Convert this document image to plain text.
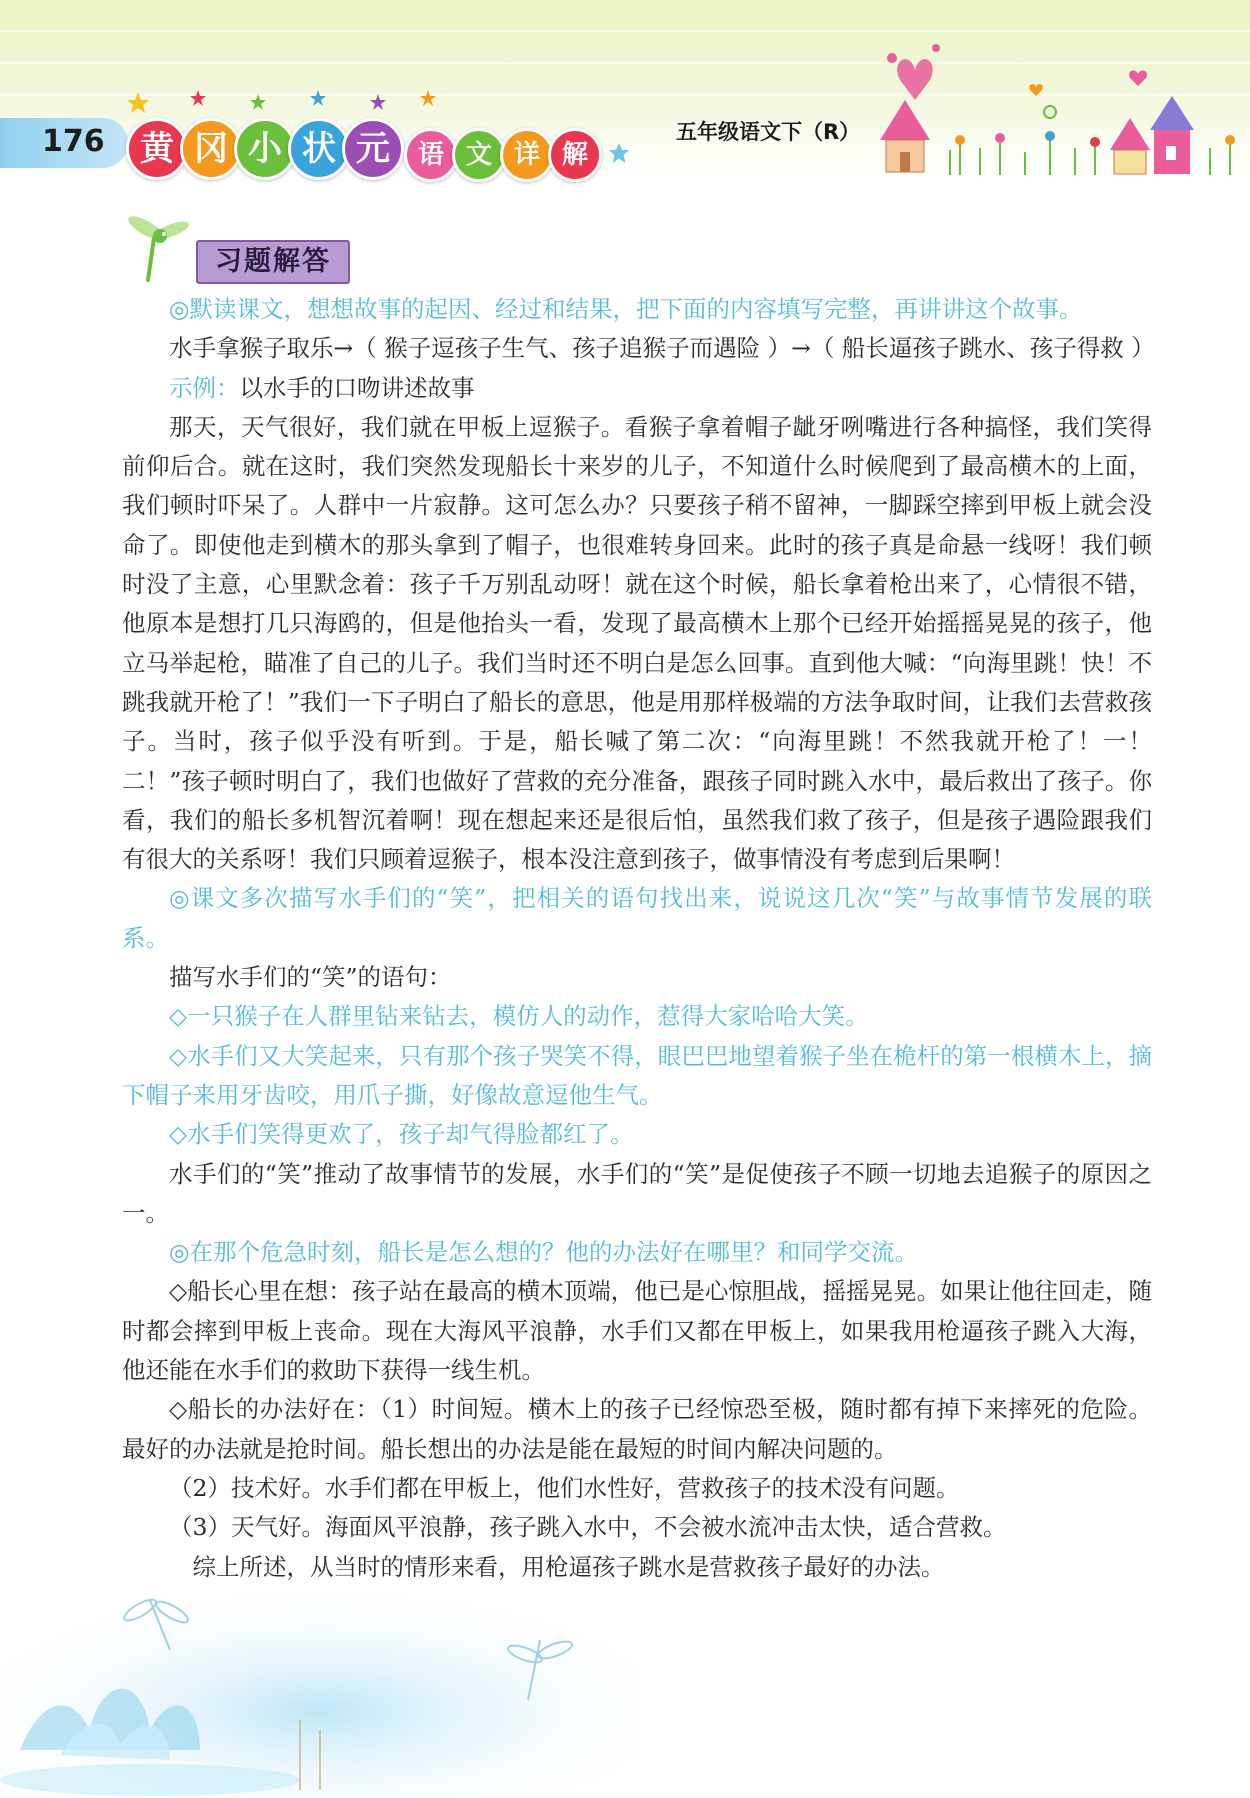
176	黄 冈 小 状 元	语 文 详 解
五年级语文下（R）
习题解答

◎默读课文，想想故事的起因、经过和结果，把下面的内容填写完整，再讲讲这个故事。

水手拿猴子取乐→（ 猴子逗孩子生气、孩子追猴子而遇险 ）→（ 船长逼孩子跳水、孩子得救 ）

示例：以水手的口吻讲述故事

那天，天气很好，我们就在甲板上逗猴子。看猴子拿着帽子龇牙咧嘴进行各种搞怪，我们笑得前仰后合。就在这时，我们突然发现船长十来岁的儿子，不知道什么时候爬到了最高横木的上面，我们顿时吓呆了。人群中一片寂静。这可怎么办？只要孩子稍不留神，一脚踩空摔到甲板上就会没命了。即使他走到横木的那头拿到了帽子，也很难转身回来。此时的孩子真是命悬一线呀！我们顿时没了主意，心里默念着：孩子千万别乱动呀！就在这个时候，船长拿着枪出来了，心情很不错，他原本是想打几只海鸥的，但是他抬头一看，发现了最高横木上那个已经开始摇摇晃晃的孩子，他立马举起枪，瞄准了自己的儿子。我们当时还不明白是怎么回事。直到他大喊：“向海里跳！快！不跳我就开枪了！”我们一下子明白了船长的意思，他是用那样极端的方法争取时间，让我们去营救孩子。当时，孩子似乎没有听到。于是，船长喊了第二次：“向海里跳！不然我就开枪了！一！二！”孩子顿时明白了，我们也做好了营救的充分准备，跟孩子同时跳入水中，最后救出了孩子。你看，我们的船长多机智沉着啊！现在想起来还是很后怕，虽然我们救了孩子，但是孩子遇险跟我们有很大的关系呀！我们只顾着逗猴子，根本没注意到孩子，做事情没有考虑到后果啊！

◎课文多次描写水手们的“笑”，把相关的语句找出来，说说这几次“笑”与故事情节发展的联系。

描写水手们的“笑”的语句：

◇一只猴子在人群里钻来钻去，模仿人的动作，惹得大家哈哈大笑。

◇水手们又大笑起来，只有那个孩子哭笑不得，眼巴巴地望着猴子坐在桅杆的第一根横木上，摘下帽子来用牙齿咬，用爪子撕，好像故意逗他生气。

◇水手们笑得更欢了，孩子却气得脸都红了。

水手们的“笑”推动了故事情节的发展，水手们的“笑”是促使孩子不顾一切地去追猴子的原因之一。

◎在那个危急时刻，船长是怎么想的？他的办法好在哪里？和同学交流。

◇船长心里在想：孩子站在最高的横木顶端，他已是心惊胆战，摇摇晃晃。如果让他往回走，随时都会摔到甲板上丧命。现在大海风平浪静，水手们又都在甲板上，如果我用枪逼孩子跳入大海，他还能在水手们的救助下获得一线生机。

◇船长的办法好在：（1）时间短。横木上的孩子已经惊恐至极，随时都有掉下来摔死的危险。最好的办法就是抢时间。船长想出的办法是能在最短的时间内解决问题的。

（2）技术好。水手们都在甲板上，他们水性好，营救孩子的技术没有问题。

（3）天气好。海面风平浪静，孩子跳入水中，不会被水流冲击太快，适合营救。

综上所述，从当时的情形来看，用枪逼孩子跳水是营救孩子最好的办法。
